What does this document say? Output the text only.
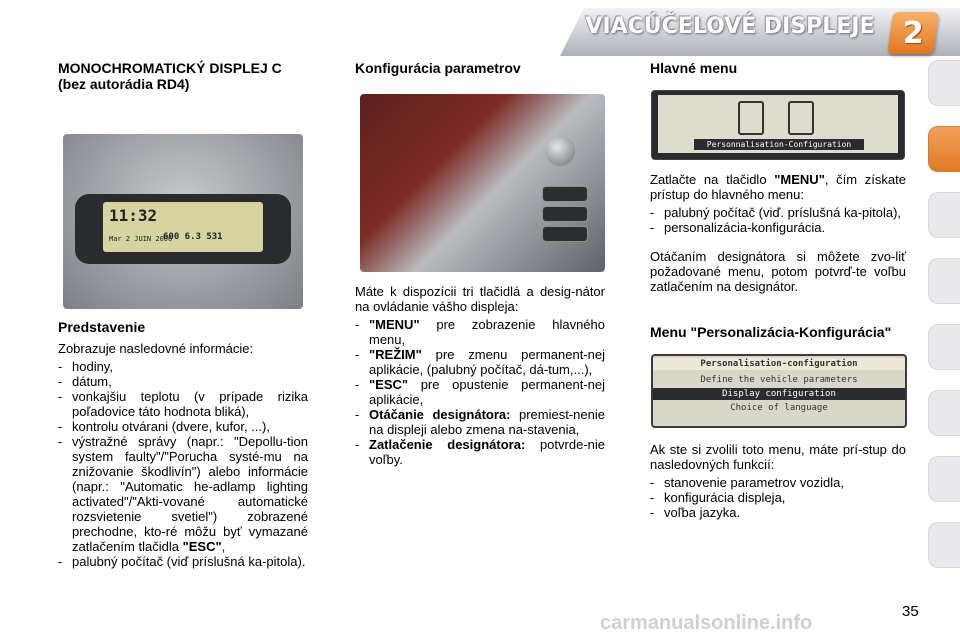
VIACÚČELOVÉ DISPLEJE 2
MONOCHROMATICKÝ DISPLEJ C (bez autorádia RD4)
11:32
Mar 2 JUIN 2006
600 6.3 531
Predstavenie

Zobrazuje nasledovné informácie:

- hodiny,
- dátum,
- vonkajšiu teplotu (v prípade rizika poľadovice táto hodnota bliká),
- kontrolu otvárani (dvere, kufor, ...),
- výstražné správy (napr.: "Depollu-tion system faulty"/"Porucha systé-mu na znižovanie škodlivín") alebo informácie (napr.: "Automatic he-adlamp lighting activated"/"Akti-vované automatické rozsvietenie svetiel") zobrazené prechodne, kto-ré môžu byť vymazané zatlačením tlačidla "ESC",
- palubný počítač (viď príslušná ka-pitola).
Konfigurácia parametrov

Máte k dispozícii tri tlačidlá a desig-nátor na ovládanie vášho displeja:

- "MENU" pre zobrazenie hlavného menu,
- "REŽIM" pre zmenu permanent-nej aplikácie, (palubný počítač, dá-tum,...),
- "ESC" pre opustenie permanent-nej aplikácie,
- Otáčanie designátora: premiest-nenie na displeji alebo zmena na-stavenia,
- Zatlačenie designátora: potvrde-nie voľby.
Hlavné menu
Personnalisation-Configuration

Zatlačte na tlačidlo "MENU", čím získate prístup do hlavného menu:

- palubný počítač (viď. príslušná ka-pitola),
- personalizácia-konfigurácia.

Otáčaním designátora si môžete zvo-liť požadované menu, potom potvrď-te voľbu zatlačením na designátor.

Menu "Personalizácia-Konfigurácia"
Personalisation-configuration
Define the vehicle parameters
Display configuration
Choice of language

Ak ste si zvolili toto menu, máte prí-stup do nasledovných funkcií:

- stanovenie parametrov vozidla,
- konfigurácia displeja,
- voľba jazyka.
carmanualsonline.info
35
